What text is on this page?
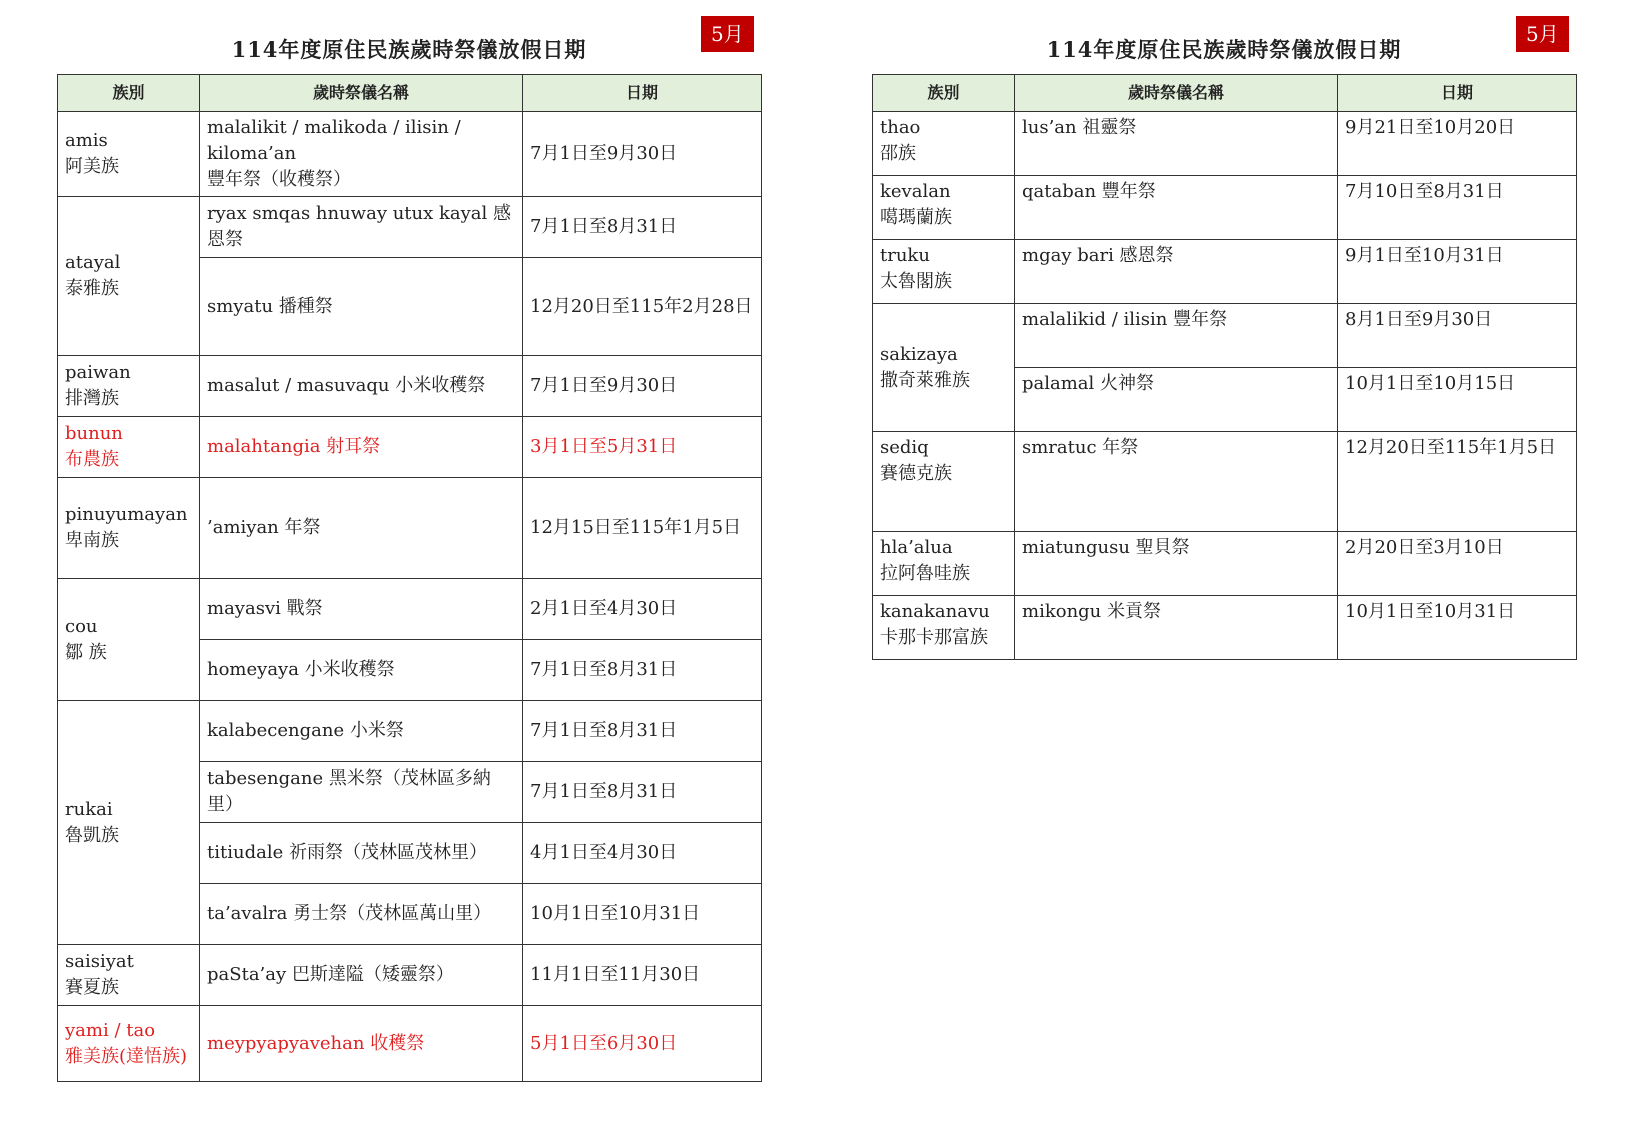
114年度原住民族歲時祭儀放假日期
5月
族別	歲時祭儀名稱	日期
amis
阿美族	malalikit / malikoda / ilisin / kiloma’an
豐年祭（收穫祭）	7月1日至9月30日
atayal
泰雅族	ryax smqas hnuway utux kayal 感恩祭	7月1日至8月31日
	smyatu 播種祭	12月20日至115年2月28日
paiwan
排灣族	masalut / masuvaqu 小米收穫祭	7月1日至9月30日
bunun
布農族	malahtangia 射耳祭	3月1日至5月31日
pinuyumayan
卑南族	’amiyan 年祭	12月15日至115年1月5日
cou
鄒 族	mayasvi 戰祭	2月1日至4月30日
	homeyaya 小米收穫祭	7月1日至8月31日
rukai
魯凱族	kalabecengane 小米祭	7月1日至8月31日
	tabesengane 黑米祭（茂林區多納里）	7月1日至8月31日
	titiudale 祈雨祭（茂林區茂林里）	4月1日至4月30日
	ta’avalra 勇士祭（茂林區萬山里）	10月1日至10月31日
saisiyat
賽夏族	paSta’ay 巴斯達隘（矮靈祭）	11月1日至11月30日
yami / tao
雅美族(達悟族)	meypyapyavehan 收穫祭	5月1日至6月30日
114年度原住民族歲時祭儀放假日期
5月
族別	歲時祭儀名稱	日期
thao
邵族	lus’an 祖靈祭	9月21日至10月20日
kevalan
噶瑪蘭族	qataban 豐年祭	7月10日至8月31日
truku
太魯閣族	mgay bari 感恩祭	9月1日至10月31日
sakizaya
撒奇萊雅族	malalikid / ilisin 豐年祭	8月1日至9月30日
	palamal 火神祭	10月1日至10月15日
sediq
賽德克族	smratuc 年祭	12月20日至115年1月5日
hla’alua
拉阿魯哇族	miatungusu 聖貝祭	2月20日至3月10日
kanakanavu
卡那卡那富族	mikongu 米貢祭	10月1日至10月31日
